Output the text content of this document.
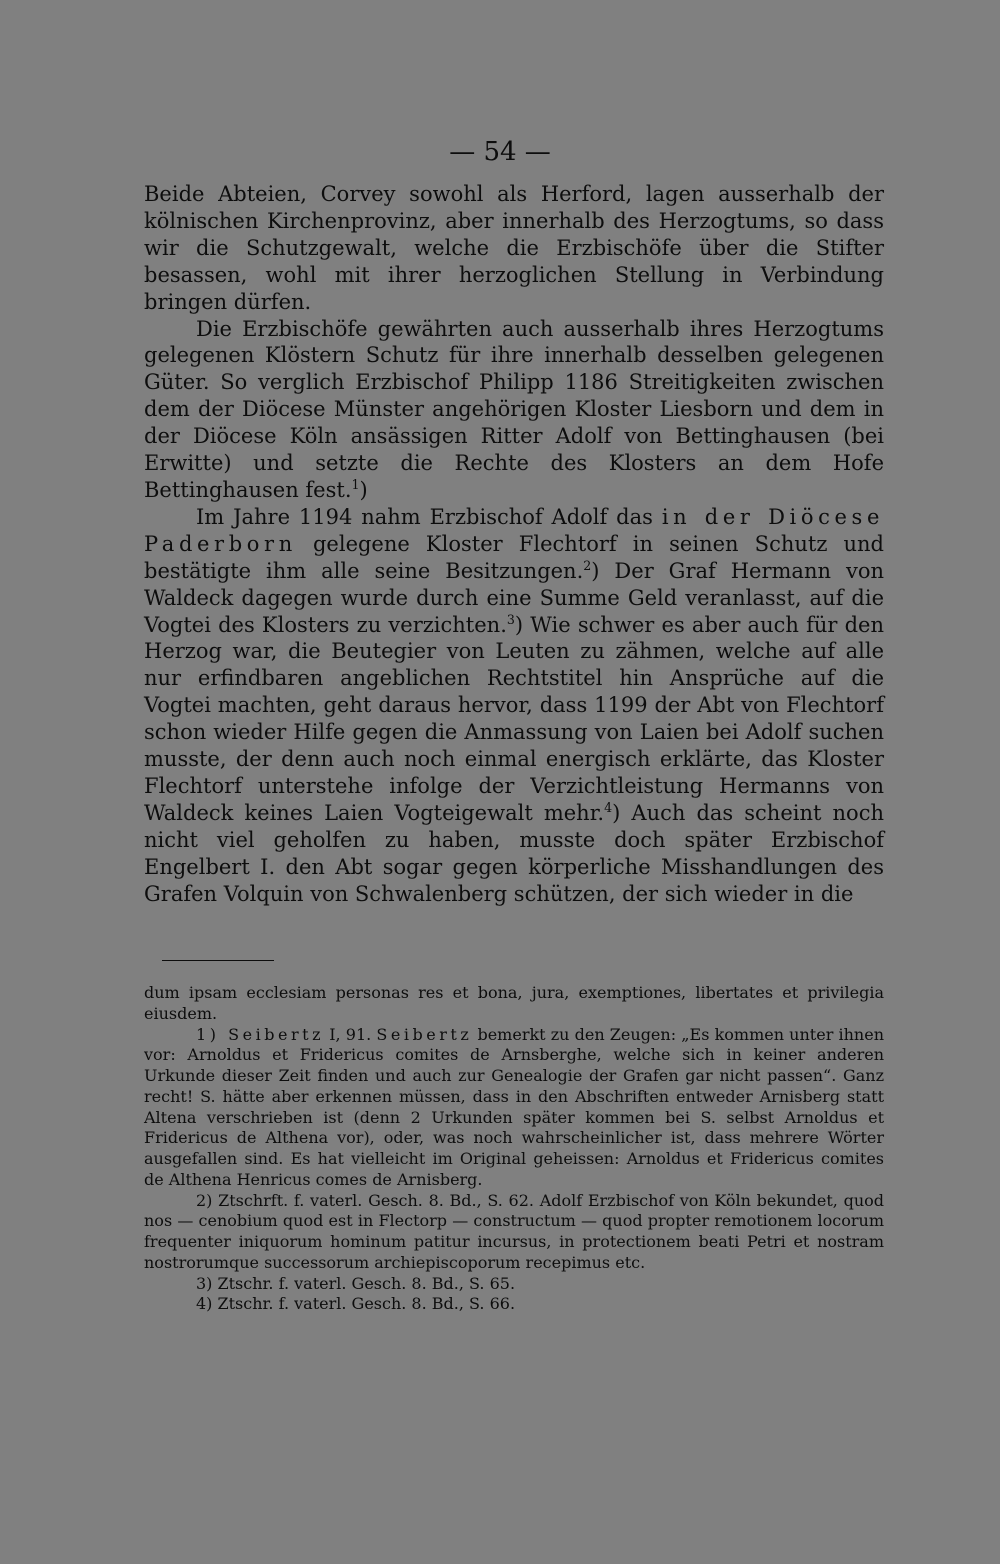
— 54 —

Beide Abteien, Corvey sowohl als Herford, lagen ausserhalb der kölnischen Kirchenprovinz, aber innerhalb des Herzogtums, so dass wir die Schutzgewalt, welche die Erzbischöfe über die Stifter besassen, wohl mit ihrer herzoglichen Stellung in Verbindung bringen dürfen.

Die Erzbischöfe gewährten auch ausserhalb ihres Herzogtums gelegenen Klöstern Schutz für ihre innerhalb desselben gelegenen Güter. So verglich Erzbischof Philipp 1186 Streitigkeiten zwischen dem der Diöcese Münster angehörigen Kloster Liesborn und dem in der Diöcese Köln ansässigen Ritter Adolf von Bettinghausen (bei Erwitte) und setzte die Rechte des Klosters an dem Hofe Bettinghausen fest.$^1$)

Im Jahre 1194 nahm Erzbischof Adolf das in der Diöcese Paderborn gelegene Kloster Flechtorf in seinen Schutz und bestätigte ihm alle seine Besitzungen.$^2$) Der Graf Hermann von Waldeck dagegen wurde durch eine Summe Geld veranlasst, auf die Vogtei des Klosters zu verzichten.$^3$) Wie schwer es aber auch für den Herzog war, die Beutegier von Leuten zu zähmen, welche auf alle nur erfindbaren angeblichen Rechtstitel hin Ansprüche auf die Vogtei machten, geht daraus hervor, dass 1199 der Abt von Flechtorf schon wieder Hilfe gegen die Anmassung von Laien bei Adolf suchen musste, der denn auch noch einmal energisch erklärte, das Kloster Flechtorf unterstehe infolge der Verzichtleistung Hermanns von Waldeck keines Laien Vogteigewalt mehr.$^4$) Auch das scheint noch nicht viel geholfen zu haben, musste doch später Erzbischof Engelbert I. den Abt sogar gegen körperliche Misshandlungen des Grafen Volquin von Schwalenberg schützen, der sich wieder in die

dum ipsam ecclesiam personas res et bona, jura, exemptiones, libertates et privilegia eiusdem.

1) Seibertz I, 91. Seibertz bemerkt zu den Zeugen: „Es kommen unter ihnen vor: Arnoldus et Fridericus comites de Arnsberghe, welche sich in keiner anderen Urkunde dieser Zeit finden und auch zur Genealogie der Grafen gar nicht passen“. Ganz recht! S. hätte aber erkennen müssen, dass in den Abschriften entweder Arnisberg statt Altena verschrieben ist (denn 2 Urkunden später kommen bei S. selbst Arnoldus et Fridericus de Althena vor), oder, was noch wahrscheinlicher ist, dass mehrere Wörter ausgefallen sind. Es hat vielleicht im Original geheissen: Arnoldus et Fridericus comites de Althena Henricus comes de Arnisberg.

2) Ztschrft. f. vaterl. Gesch. 8. Bd., S. 62. Adolf Erzbischof von Köln bekundet, quod nos — cenobium quod est in Flectorp — constructum — quod propter remotionem locorum frequenter iniquorum hominum patitur incursus, in protectionem beati Petri et nostram nostrorumque successorum archiepiscoporum recepimus etc.

3) Ztschr. f. vaterl. Gesch. 8. Bd., S. 65.

4) Ztschr. f. vaterl. Gesch. 8. Bd., S. 66.
